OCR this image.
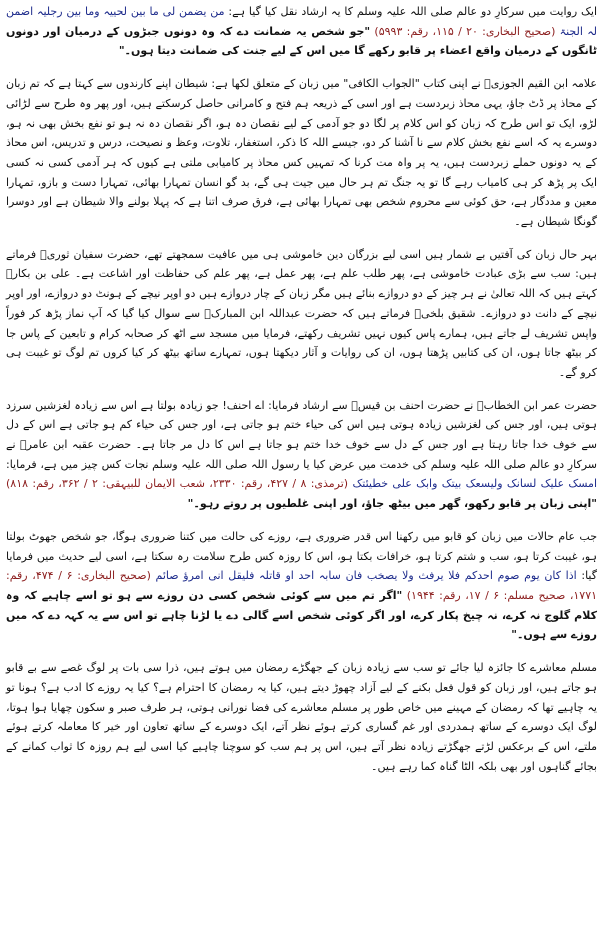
ایک روایت میں سرکارِ دو عالم صلی اللہ علیہ وسلم کا یہ ارشاد نقل کیا گیا ہے: من یضمن لی ما بین لحییہ وما بین رجلیہ اضمن لہ الجنۃ (صحیح البخاری: ۲۰ / ۱۱۵، رقم: ۵۹۹۳) "جو شخص یہ ضمانت دے کہ وہ دونوں جبڑوں کے درمیان اور دونوں ٹانگوں کے درمیان واقع اعضاء پر قابو رکھے گا میں اس کے لیے جنت کی ضمانت دیتا ہوں۔"

علامہ ابن القیم الجوزیؒ نے اپنی کتاب "الجواب الکافی" میں زبان کے متعلق لکھا ہے: شیطان اپنے کارندوں سے کہتا ہے کہ تم زبان کے محاذ پر ڈٹ جاؤ، یہی محاذ زبردست ہے اور اسی کے ذریعہ ہم فتح و کامرانی حاصل کرسکتے ہیں، اور پھر وہ طرح سے لڑائی لڑو، ایک تو اس طرح کہ زبان کو اس کلام پر لگا دو جو آدمی کے لیے نقصان دہ ہو، اگر نقصان دہ نہ ہو تو نفع بخش بھی نہ ہو، دوسرے یہ کہ اسے نفع بخش کلام سے نا آشنا کر دو، جیسے اللہ کا ذکر، استغفار، تلاوت، وعظ و نصیحت، درس و تدریس، اس محاذ کے یہ دونوں حملے زبردست ہیں، یہ پر واہ مت کرنا کہ تمہیں کس محاذ پر کامیابی ملتی ہے کیوں کہ ہر آدمی کسی نہ کسی ایک پر پڑھ کر ہی کامیاب رہے گا تو یہ جنگ تم ہر حال میں جیت ہی گے، بد گو انسان تمہارا بھائی، تمہارا دست و بازو، تمہارا معین و مددگار ہے، حق کوئی سے محروم شخص بھی تمہارا بھائی ہے، فرق صرف اتنا ہے کہ پہلا بولنے والا شیطان ہے اور دوسرا گونگا شیطان ہے۔

بہر حال زبان کی آفتیں بے شمار ہیں اسی لیے بزرگان دین خاموشی ہی میں عافیت سمجھتے تھے، حضرت سفیان ثوریؒ فرماتے ہیں: سب سے بڑی عبادت خاموشی ہے، پھر طلب علم ہے، پھر عمل ہے، پھر علم کی حفاظت اور اشاعت ہے۔ علی بن بکارؒ کہتے ہیں کہ اللہ تعالیٰ نے ہر چیز کے دو دروازے بنائے ہیں مگر زبان کے چار دروازے ہیں دو اوپر نیچے کے ہونٹ دو دروازے، اور اوپر نیچے کے دانت دو دروازے۔ شقیق بلخیؒ فرماتے ہیں کہ حضرت عبداللہ ابن المبارکؒ سے سوال کیا گیا کہ آپ نماز پڑھ کر فوراً واپس تشریف لے جاتے ہیں، ہمارے پاس کیوں نہیں تشریف رکھتے، فرمایا میں مسجد سے اٹھ کر صحابہ کرام و تابعین کے پاس جا کر بیٹھ جاتا ہوں، ان کی کتابیں پڑھتا ہوں، ان کی روایات و آثار دیکھتا ہوں، تمہارے ساتھ بیٹھ کر کیا کروں تم لوگ تو غیبت ہی کرو گے۔

حضرت عمر ابن الخطابؓ نے حضرت احنف بن قیسؓ سے ارشاد فرمایا: اے احنف! جو زیادہ بولتا ہے اس سے زیادہ لغزشیں سرزد ہوتی ہیں، اور جس کی لغزشیں زیادہ ہوتی ہیں اس کی حیاء ختم ہو جاتی ہے، اور جس کی حیاء کم ہو جاتی ہے اس کے دل سے خوف خدا جاتا رہتا ہے اور جس کے دل سے خوف خدا ختم ہو جاتا ہے اس کا دل مر جاتا ہے۔ حضرت عقبہ ابن عامرؓ نے سرکارِ دو عالم صلی اللہ علیہ وسلم کی خدمت میں عرض کیا یا رسول اللہ صلی اللہ علیہ وسلم نجات کس چیز میں ہے، فرمایا: امسک علیک لسانک ولیسعک بیتک وابک علی خطیئتک (ترمذی: ۸ / ۴۲۷، رقم: ۲۳۳۰، شعب الایمان للبیہقی: ۲ / ۳۶۲، رقم: ۸۱۸) "اپنی زبان پر قابو رکھو، گھر میں بیٹھ جاؤ، اور اپنی غلطیوں پر روتے رہو۔"

جب عام حالات میں زبان کو قابو میں رکھنا اس قدر ضروری ہے، روزے کی حالت میں کتنا ضروری ہوگا، جو شخص جھوٹ بولتا ہو، غیبت کرتا ہو، سب و شتم کرتا ہو، خرافات بکتا ہو، اس کا روزہ کس طرح سلامت رہ سکتا ہے، اسی لیے حدیث میں فرمایا گیا: اذا کان یوم صوم احدکم فلا یرفث ولا یصخب فان سابہ احد او قاتلہ فلیقل انی امرؤ صائم (صحیح البخاری: ۶ / ۴۷۴، رقم: ۱۷۷۱، صحیح مسلم: ۶ / ۱۷، رقم: ۱۹۴۴) "اگر تم میں سے کوئی شخص کسی دن روزے سے ہو تو اسے چاہیے کہ وہ کلام گلوج نہ کرے، نہ چیخ پکار کرے، اور اگر کوئی شخص اسے گالی دے یا لڑنا چاہے تو اس سے یہ کہہ دے کہ میں روزے سے ہوں۔"

مسلم معاشرے کا جائزہ لیا جائے تو سب سے زیادہ زبان کے جھگڑے رمضان میں ہوتے ہیں، ذرا سی بات پر لوگ غصے سے بے قابو ہو جاتے ہیں، اور زبان کو قول فعل بکنے کے لیے آزاد چھوڑ دیتے ہیں، کیا یہ رمضان کا احترام ہے؟ کیا یہ روزے کا ادب ہے؟ ہونا تو یہ چاہیے تھا کہ رمضان کے مہینے میں خاص طور پر مسلم معاشرے کی فضا نورانی ہوتی، ہر طرف صبر و سکون چھایا ہوا ہوتا، لوگ ایک دوسرے کے ساتھ ہمدردی اور غم گساری کرتے ہوئے نظر آتے، ایک دوسرے کے ساتھ تعاون اور خیر کا معاملہ کرتے ہوئے ملتے، اس کے برعکس لڑتے جھگڑتے زیادہ نظر آتے ہیں، اس پر ہم سب کو سوچنا چاہیے کیا اسی لیے ہم روزہ کا ثواب کمانے کے بجائے گناہوں اور بھی بلکہ الٹا گناہ کما رہے ہیں۔
